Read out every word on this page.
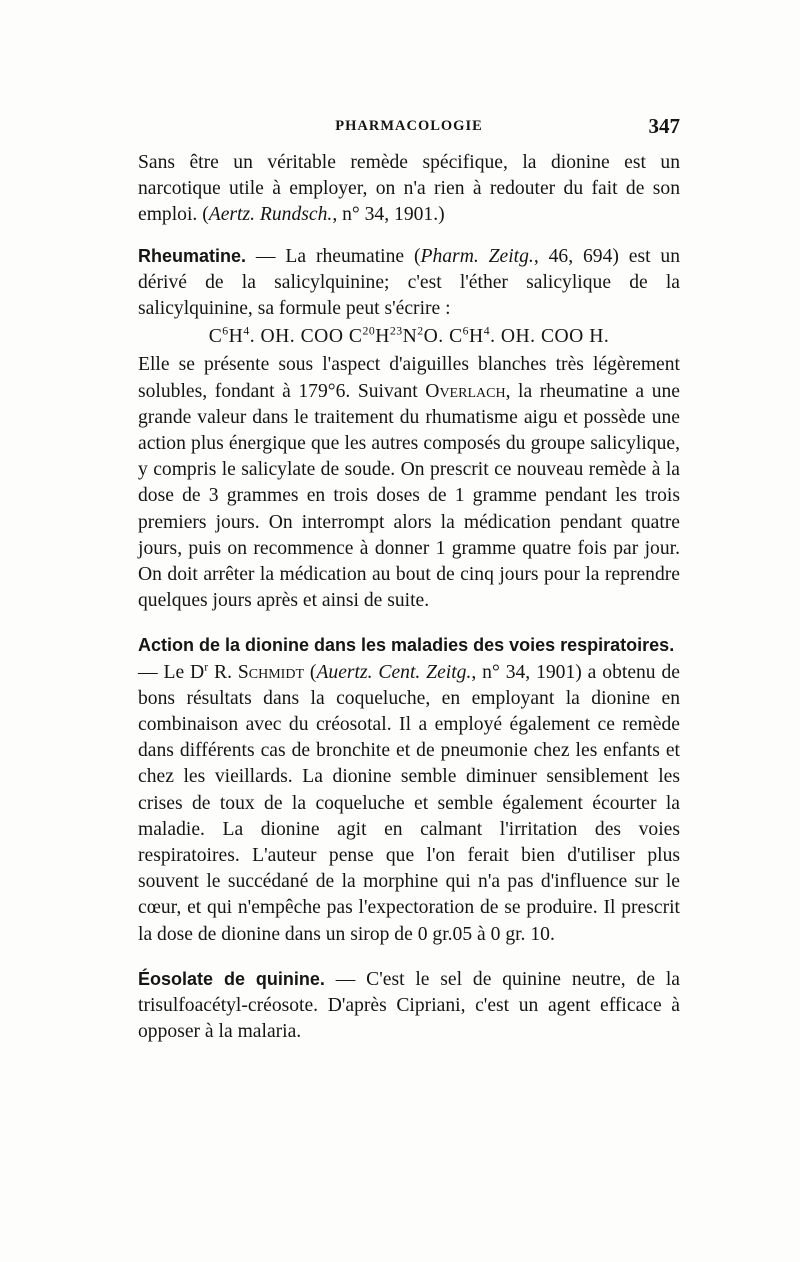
PHARMACOLOGIE	347

Sans être un véritable remède spécifique, la dionine est un narcotique utile à employer, on n'a rien à redouter du fait de son emploi. (Aertz. Rundsch., n° 34, 1901.)

Rheumatine. — La rheumatine (Pharm. Zeitg., 46, 694) est un dérivé de la salicylquinine; c'est l'éther salicylique de la salicylquinine, sa formule peut s'écrire :

$C^6H^4$. OH. COO $C^{20}H^{23}N^2O$. $C^6H^4$. OH. COO H.

Elle se présente sous l'aspect d'aiguilles blanches très légèrement solubles, fondant à 179°6. Suivant Overlach, la rheumatine a une grande valeur dans le traitement du rhumatisme aigu et possède une action plus énergique que les autres composés du groupe salicylique, y compris le salicylate de soude. On prescrit ce nouveau remède à la dose de 3 grammes en trois doses de 1 gramme pendant les trois premiers jours. On interrompt alors la médication pendant quatre jours, puis on recommence à donner 1 gramme quatre fois par jour. On doit arrêter la médication au bout de cinq jours pour la reprendre quelques jours après et ainsi de suite.

Action de la dionine dans les maladies des voies respiratoires.
— Le $D^r$ R. Schmidt (Auertz. Cent. Zeitg., n° 34, 1901) a obtenu de bons résultats dans la coqueluche, en employant la dionine en combinaison avec du créosotal. Il a employé également ce remède dans différents cas de bronchite et de pneumonie chez les enfants et chez les vieillards. La dionine semble diminuer sensiblement les crises de toux de la coqueluche et semble également écourter la maladie. La dionine agit en calmant l'irritation des voies respiratoires. L'auteur pense que l'on ferait bien d'utiliser plus souvent le succédané de la morphine qui n'a pas d'influence sur le cœur, et qui n'empêche pas l'expectoration de se produire. Il prescrit la dose de dionine dans un sirop de 0 gr.05 à 0 gr. 10.

Éosolate de quinine. — C'est le sel de quinine neutre, de la trisulfoacétyl-créosote. D'après Cipriani, c'est un agent efficace à opposer à la malaria.
